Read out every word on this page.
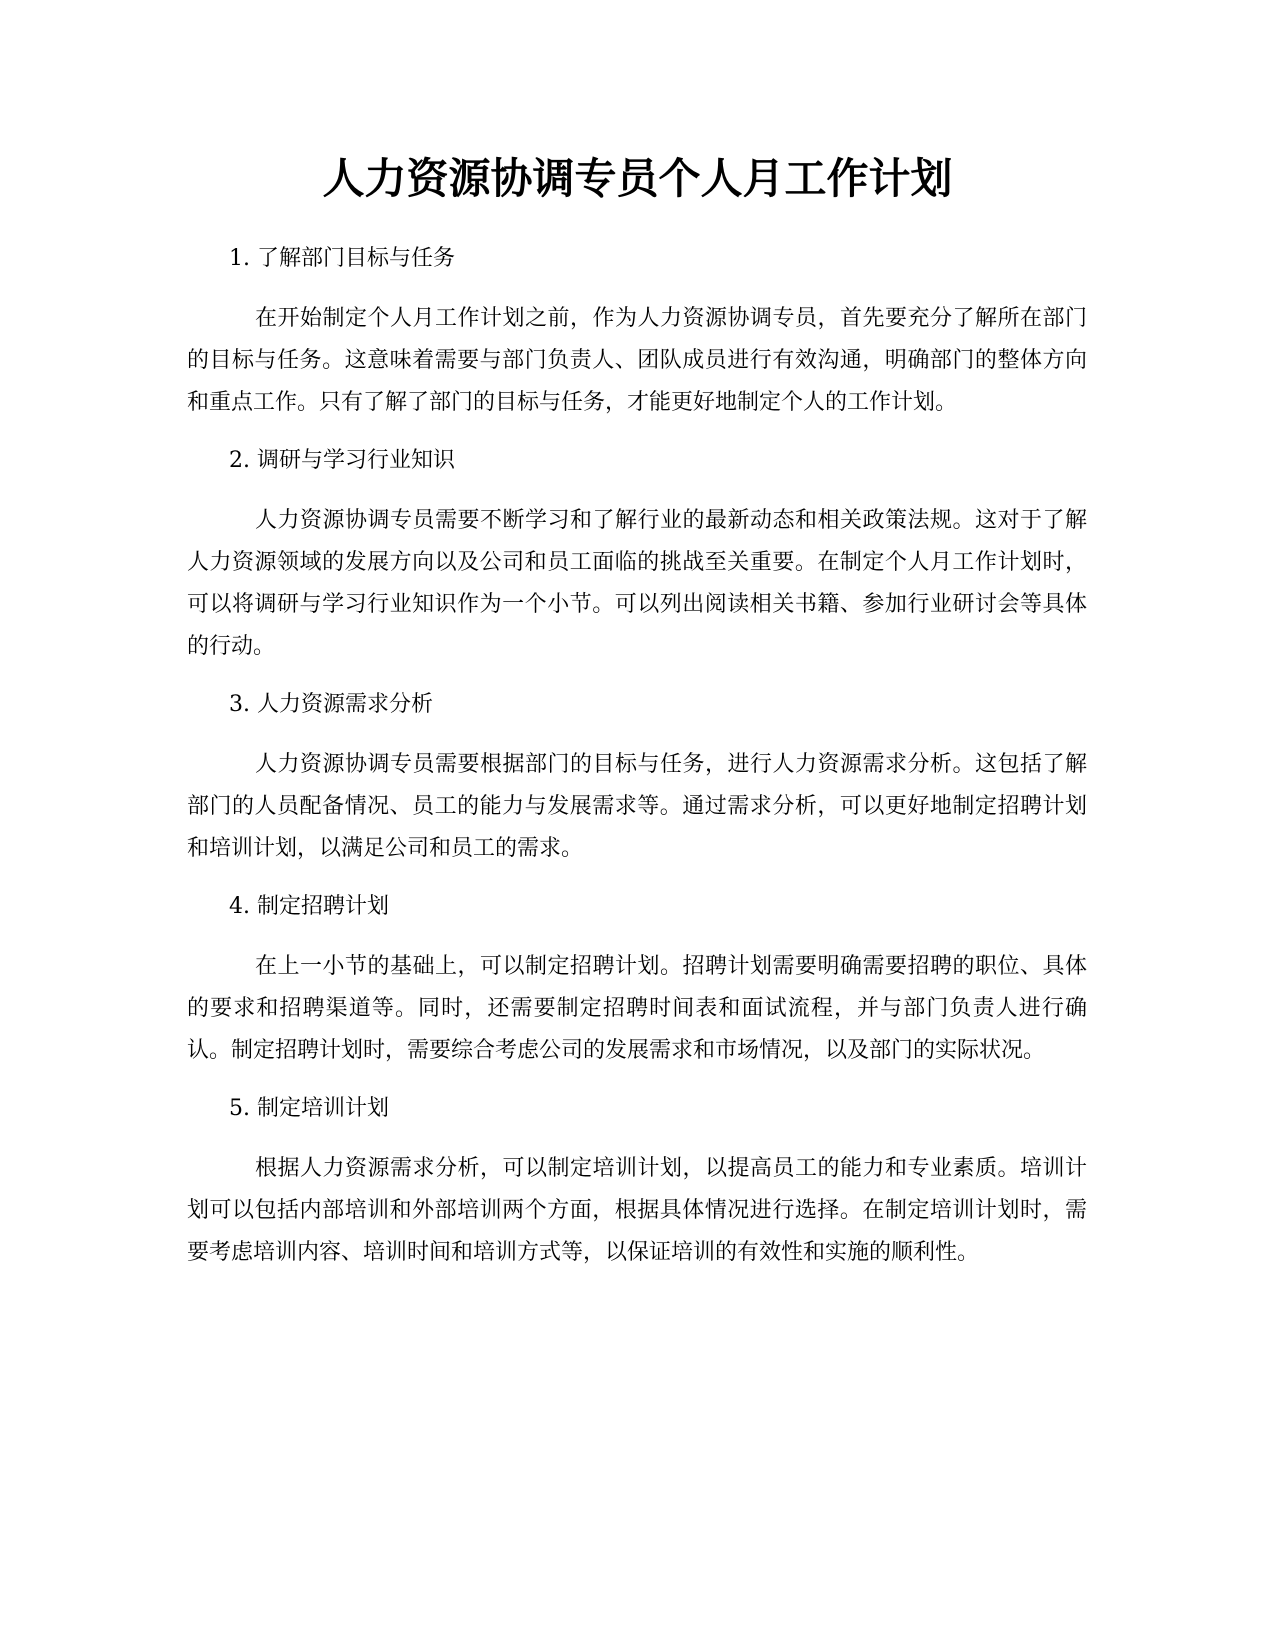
人力资源协调专员个人月工作计划

1. 了解部门目标与任务

在开始制定个人月工作计划之前，作为人力资源协调专员，首先要充分了解所在部门的目标与任务。这意味着需要与部门负责人、团队成员进行有效沟通，明确部门的整体方向和重点工作。只有了解了部门的目标与任务，才能更好地制定个人的工作计划。

2. 调研与学习行业知识

人力资源协调专员需要不断学习和了解行业的最新动态和相关政策法规。这对于了解人力资源领域的发展方向以及公司和员工面临的挑战至关重要。在制定个人月工作计划时，可以将调研与学习行业知识作为一个小节。可以列出阅读相关书籍、参加行业研讨会等具体的行动。

3. 人力资源需求分析

人力资源协调专员需要根据部门的目标与任务，进行人力资源需求分析。这包括了解部门的人员配备情况、员工的能力与发展需求等。通过需求分析，可以更好地制定招聘计划和培训计划，以满足公司和员工的需求。

4. 制定招聘计划

在上一小节的基础上，可以制定招聘计划。招聘计划需要明确需要招聘的职位、具体的要求和招聘渠道等。同时，还需要制定招聘时间表和面试流程，并与部门负责人进行确认。制定招聘计划时，需要综合考虑公司的发展需求和市场情况，以及部门的实际状况。

5. 制定培训计划

根据人力资源需求分析，可以制定培训计划，以提高员工的能力和专业素质。培训计划可以包括内部培训和外部培训两个方面，根据具体情况进行选择。在制定培训计划时，需要考虑培训内容、培训时间和培训方式等，以保证培训的有效性和实施的顺利性。
